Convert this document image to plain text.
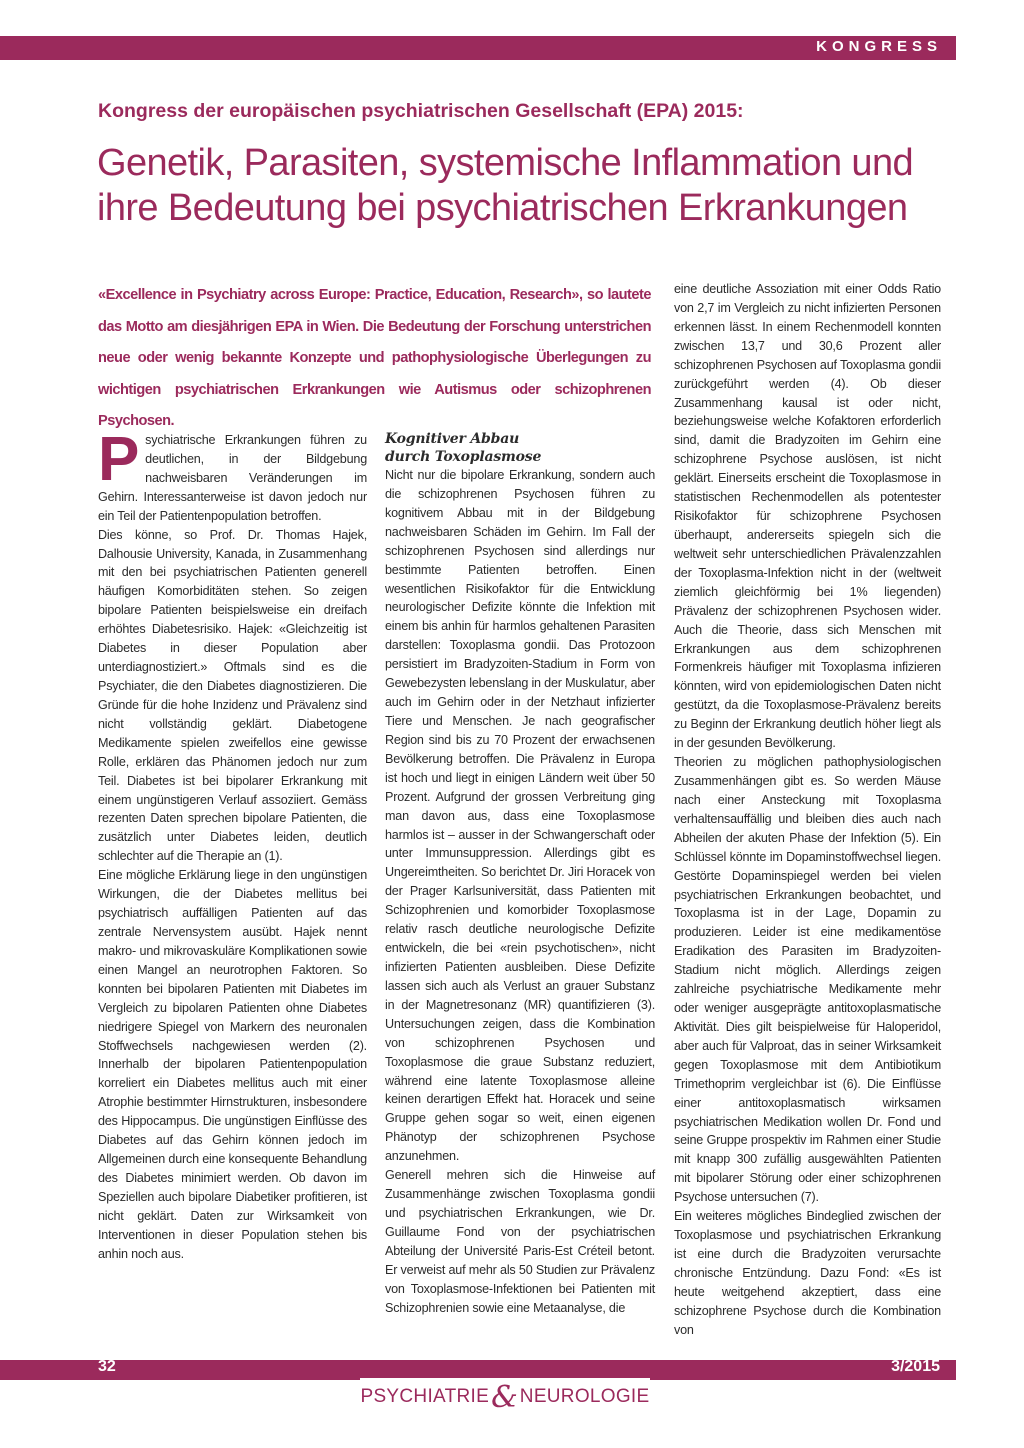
KONGRESS
Kongress der europäischen psychiatrischen Gesellschaft (EPA) 2015:
Genetik, Parasiten, systemische Inflammation und
ihre Bedeutung bei psychiatrischen Erkrankungen
«Excellence in Psychiatry across Europe: Practice, Education, Research», so lautete das Motto am diesjährigen EPA in Wien. Die Bedeutung der Forschung unterstrichen neue oder wenig bekannte Konzepte und pathophysiologische Überlegungen zu wichtigen psychiatrischen Erkrankungen wie Autismus oder schizophrenen Psychosen.
P sychiatrische Erkrankungen führen zu deutlichen, in der Bildgebung nachweisbaren Veränderungen im Gehirn. Interessanterweise ist davon jedoch nur ein Teil der Patientenpopulation betroffen.

Dies könne, so Prof. Dr. Thomas Hajek, Dalhousie University, Kanada, in Zusammenhang mit den bei psychiatrischen Patienten generell häufigen Komorbiditäten stehen. So zeigen bipolare Patienten beispielsweise ein dreifach erhöhtes Diabetesrisiko. Hajek: «Gleichzeitig ist Diabetes in dieser Population aber unterdiagnostiziert.» Oftmals sind es die Psychiater, die den Diabetes diagnostizieren. Die Gründe für die hohe Inzidenz und Prävalenz sind nicht vollständig geklärt. Diabetogene Medikamente spielen zweifellos eine gewisse Rolle, erklären das Phänomen jedoch nur zum Teil. Diabetes ist bei bipolarer Erkrankung mit einem ungünstigeren Verlauf assoziiert. Gemäss rezenten Daten sprechen bipolare Patienten, die zusätzlich unter Diabetes leiden, deutlich schlechter auf die Therapie an (1).

Eine mögliche Erklärung liege in den ungünstigen Wirkungen, die der Diabetes mellitus bei psychiatrisch auffälligen Patienten auf das zentrale Nervensystem ausübt. Hajek nennt makro- und mikrovaskuläre Komplikationen sowie einen Mangel an neurotrophen Faktoren. So konnten bei bipolaren Patienten mit Diabetes im Vergleich zu bipolaren Patienten ohne Diabetes niedrigere Spiegel von Markern des neuronalen Stoffwechsels nachgewiesen werden (2). Innerhalb der bipolaren Patientenpopulation korreliert ein Diabetes mellitus auch mit einer Atrophie bestimmter Hirnstrukturen, insbesondere des Hippocampus. Die ungünstigen Einflüsse des Diabetes auf das Gehirn können jedoch im Allgemeinen durch eine konsequente Behandlung des Diabetes minimiert werden. Ob davon im Speziellen auch bipolare Diabetiker profitieren, ist nicht geklärt. Daten zur Wirksamkeit von Interventionen in dieser Population stehen bis anhin noch aus.

Kognitiver Abbau
durch Toxoplasmose

Nicht nur die bipolare Erkrankung, sondern auch die schizophrenen Psychosen führen zu kognitivem Abbau mit in der Bildgebung nachweisbaren Schäden im Gehirn. Im Fall der schizophrenen Psychosen sind allerdings nur bestimmte Patienten betroffen. Einen wesentlichen Risikofaktor für die Entwicklung neurologischer Defizite könnte die Infektion mit einem bis anhin für harmlos gehaltenen Parasiten darstellen: Toxoplasma gondii. Das Protozoon persistiert im Bradyzoiten-Stadium in Form von Gewebezysten lebenslang in der Muskulatur, aber auch im Gehirn oder in der Netzhaut infizierter Tiere und Menschen. Je nach geografischer Region sind bis zu 70 Prozent der erwachsenen Bevölkerung betroffen. Die Prävalenz in Europa ist hoch und liegt in einigen Ländern weit über 50 Prozent. Aufgrund der grossen Verbreitung ging man davon aus, dass eine Toxoplasmose harmlos ist – ausser in der Schwangerschaft oder unter Immunsuppression. Allerdings gibt es Ungereimtheiten. So berichtet Dr. Jiri Horacek von der Prager Karlsuniversität, dass Patienten mit Schizophrenien und komorbider Toxoplasmose relativ rasch deutliche neurologische Defizite entwickeln, die bei «rein psychotischen», nicht infizierten Patienten ausbleiben. Diese Defizite lassen sich auch als Verlust an grauer Substanz in der Magnetresonanz (MR) quantifizieren (3). Untersuchungen zeigen, dass die Kombination von schizophrenen Psychosen und Toxoplasmose die graue Substanz reduziert, während eine latente Toxoplasmose alleine keinen derartigen Effekt hat. Horacek und seine Gruppe gehen sogar so weit, einen eigenen Phänotyp der schizophrenen Psychose anzunehmen.

Generell mehren sich die Hinweise auf Zusammenhänge zwischen Toxoplasma gondii und psychiatrischen Erkrankungen, wie Dr. Guillaume Fond von der psychiatrischen Abteilung der Université Paris-Est Créteil betont. Er verweist auf mehr als 50 Studien zur Prävalenz von Toxoplasmose-Infektionen bei Patienten mit Schizophrenien sowie eine Metaanalyse, die

eine deutliche Assoziation mit einer Odds Ratio von 2,7 im Vergleich zu nicht infizierten Personen erkennen lässt. In einem Rechenmodell konnten zwischen 13,7 und 30,6 Prozent aller schizophrenen Psychosen auf Toxoplasma gondii zurückgeführt werden (4). Ob dieser Zusammenhang kausal ist oder nicht, beziehungsweise welche Kofaktoren erforderlich sind, damit die Bradyzoiten im Gehirn eine schizophrene Psychose auslösen, ist nicht geklärt. Einerseits erscheint die Toxoplasmose in statistischen Rechenmodellen als potentester Risikofaktor für schizophrene Psychosen überhaupt, andererseits spiegeln sich die weltweit sehr unterschiedlichen Prävalenzzahlen der Toxoplasma-Infektion nicht in der (weltweit ziemlich gleichförmig bei 1% liegenden) Prävalenz der schizophrenen Psychosen wider. Auch die Theorie, dass sich Menschen mit Erkrankungen aus dem schizophrenen Formenkreis häufiger mit Toxoplasma infizieren könnten, wird von epidemiologischen Daten nicht gestützt, da die Toxoplasmose-Prävalenz bereits zu Beginn der Erkrankung deutlich höher liegt als in der gesunden Bevölkerung.

Theorien zu möglichen pathophysiologischen Zusammenhängen gibt es. So werden Mäuse nach einer Ansteckung mit Toxoplasma verhaltensauffällig und bleiben dies auch nach Abheilen der akuten Phase der Infektion (5). Ein Schlüssel könnte im Dopaminstoffwechsel liegen. Gestörte Dopaminspiegel werden bei vielen psychiatrischen Erkrankungen beobachtet, und Toxoplasma ist in der Lage, Dopamin zu produzieren. Leider ist eine medikamentöse Eradikation des Parasiten im Bradyzoiten-Stadium nicht möglich. Allerdings zeigen zahlreiche psychiatrische Medikamente mehr oder weniger ausgeprägte antitoxoplasmatische Aktivität. Dies gilt beispielweise für Haloperidol, aber auch für Valproat, das in seiner Wirksamkeit gegen Toxoplasmose mit dem Antibiotikum Trimethoprim vergleichbar ist (6). Die Einflüsse einer antitoxoplasmatisch wirksamen psychiatrischen Medikation wollen Dr. Fond und seine Gruppe prospektiv im Rahmen einer Studie mit knapp 300 zufällig ausgewählten Patienten mit bipolarer Störung oder einer schizophrenen Psychose untersuchen (7).

Ein weiteres mögliches Bindeglied zwischen der Toxoplasmose und psychiatrischen Erkrankung ist eine durch die Bradyzoiten verursachte chronische Entzündung. Dazu Fond: «Es ist heute weitgehend akzeptiert, dass eine schizophrene Psychose durch die Kombination von

32	3/2015
PSYCHIATRIE & NEUROLOGIE
